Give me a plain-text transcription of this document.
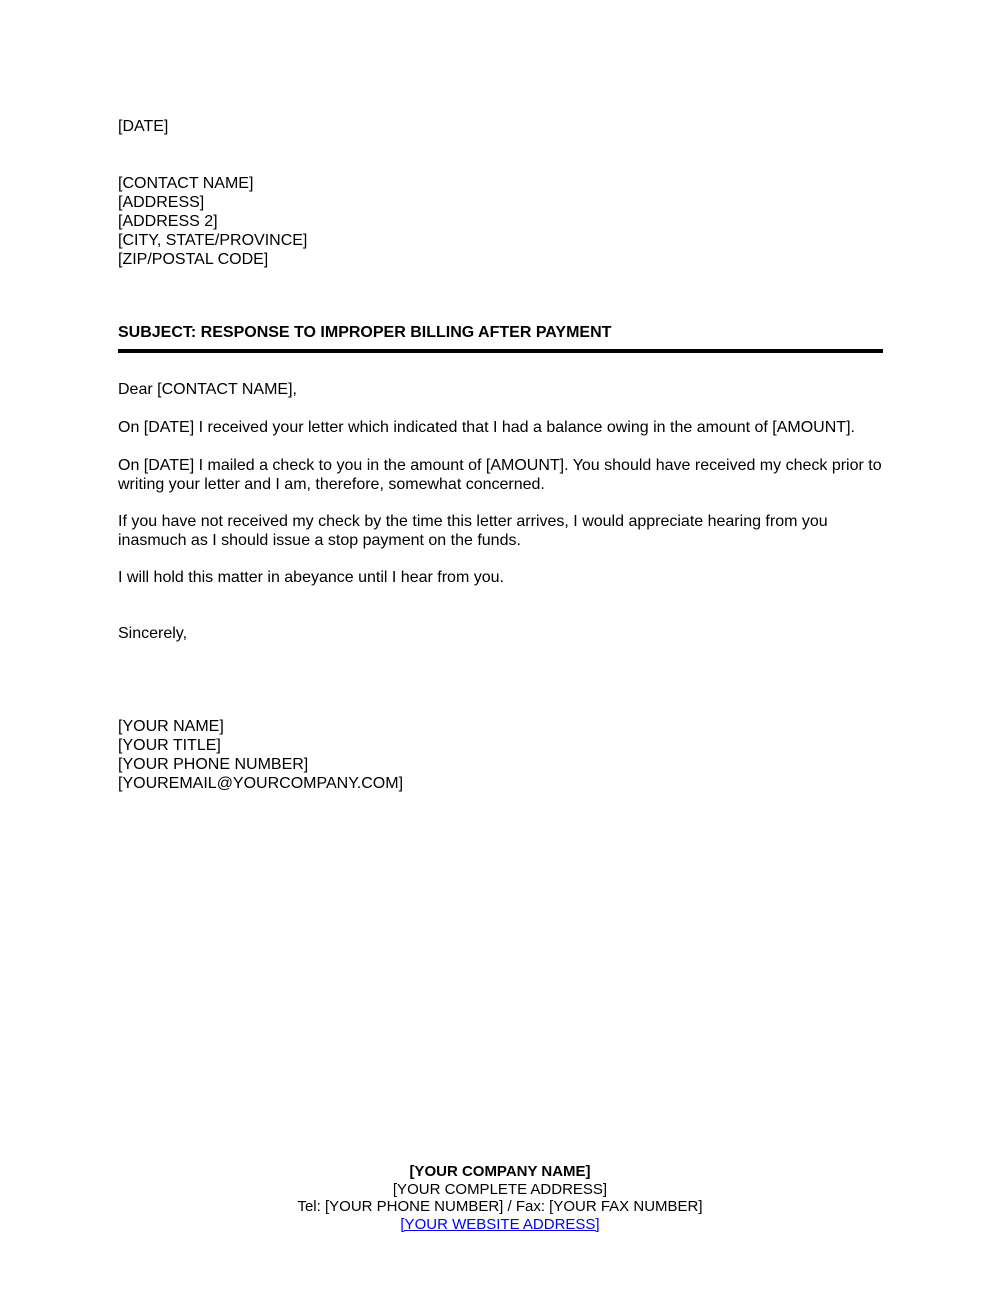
[DATE]
[CONTACT NAME]
[ADDRESS]
[ADDRESS 2]
[CITY, STATE/PROVINCE]
[ZIP/POSTAL CODE]
SUBJECT: RESPONSE TO IMPROPER BILLING AFTER PAYMENT
Dear [CONTACT NAME],
On [DATE] I received your letter which indicated that I had a balance owing in the amount of [AMOUNT].
On [DATE] I mailed a check to you in the amount of [AMOUNT]. You should have received my check prior to writing your letter and I am, therefore, somewhat concerned.
If you have not received my check by the time this letter arrives, I would appreciate hearing from you inasmuch as I should issue a stop payment on the funds.
I will hold this matter in abeyance until I hear from you.
Sincerely,
[YOUR NAME]
[YOUR TITLE]
[YOUR PHONE NUMBER]
[YOUREMAIL@YOURCOMPANY.COM]
[YOUR COMPANY NAME]
[YOUR COMPLETE ADDRESS]
Tel: [YOUR PHONE NUMBER] / Fax: [YOUR FAX NUMBER]
[YOUR WEBSITE ADDRESS]
